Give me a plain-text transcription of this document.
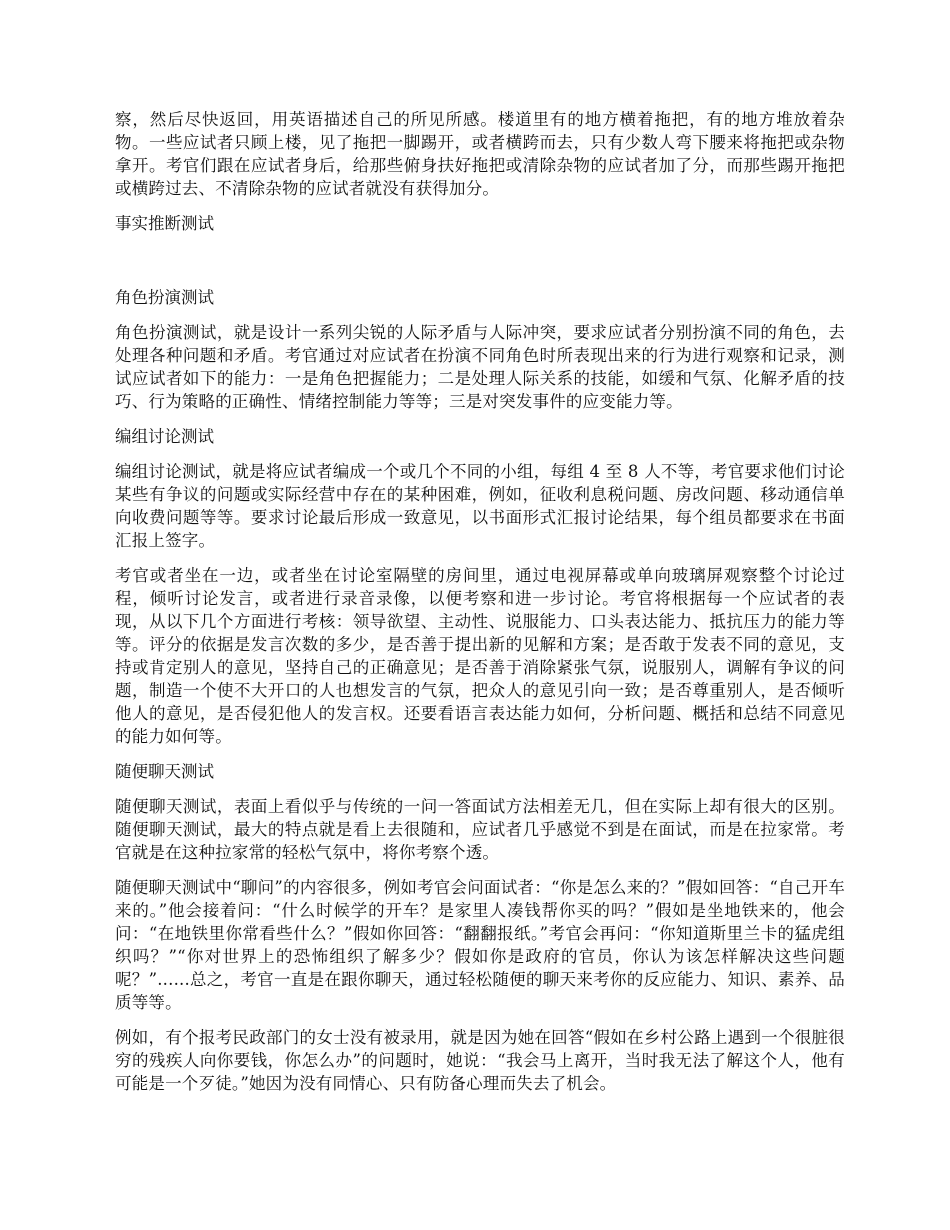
察，然后尽快返回，用英语描述自己的所见所感。楼道里有的地方横着拖把，有的地方堆放着杂物。一些应试者只顾上楼，见了拖把一脚踢开，或者横跨而去，只有少数人弯下腰来将拖把或杂物拿开。考官们跟在应试者身后，给那些俯身扶好拖把或清除杂物的应试者加了分，而那些踢开拖把或横跨过去、不清除杂物的应试者就没有获得加分。

事实推断测试

角色扮演测试

角色扮演测试，就是设计一系列尖锐的人际矛盾与人际冲突，要求应试者分别扮演不同的角色，去处理各种问题和矛盾。考官通过对应试者在扮演不同角色时所表现出来的行为进行观察和记录，测试应试者如下的能力：一是角色把握能力；二是处理人际关系的技能，如缓和气氛、化解矛盾的技巧、行为策略的正确性、情绪控制能力等等；三是对突发事件的应变能力等。

编组讨论测试

编组讨论测试，就是将应试者编成一个或几个不同的小组，每组 4 至 8 人不等，考官要求他们讨论某些有争议的问题或实际经营中存在的某种困难，例如，征收利息税问题、房改问题、移动通信单向收费问题等等。要求讨论最后形成一致意见，以书面形式汇报讨论结果，每个组员都要求在书面汇报上签字。

考官或者坐在一边，或者坐在讨论室隔壁的房间里，通过电视屏幕或单向玻璃屏观察整个讨论过程，倾听讨论发言，或者进行录音录像，以便考察和进一步讨论。考官将根据每一个应试者的表现，从以下几个方面进行考核：领导欲望、主动性、说服能力、口头表达能力、抵抗压力的能力等等。评分的依据是发言次数的多少，是否善于提出新的见解和方案；是否敢于发表不同的意见，支持或肯定别人的意见，坚持自己的正确意见；是否善于消除紧张气氛，说服别人，调解有争议的问题，制造一个使不大开口的人也想发言的气氛，把众人的意见引向一致；是否尊重别人，是否倾听他人的意见，是否侵犯他人的发言权。还要看语言表达能力如何，分析问题、概括和总结不同意见的能力如何等。

随便聊天测试

随便聊天测试，表面上看似乎与传统的一问一答面试方法相差无几，但在实际上却有很大的区别。随便聊天测试，最大的特点就是看上去很随和，应试者几乎感觉不到是在面试，而是在拉家常。考官就是在这种拉家常的轻松气氛中，将你考察个透。

随便聊天测试中“聊问”的内容很多，例如考官会问面试者：“你是怎么来的？”假如回答：“自己开车来的。”他会接着问：“什么时候学的开车？是家里人凑钱帮你买的吗？”假如是坐地铁来的，他会问：“在地铁里你常看些什么？”假如你回答：“翻翻报纸。”考官会再问：“你知道斯里兰卡的猛虎组织吗？”“你对世界上的恐怖组织了解多少？假如你是政府的官员，你认为该怎样解决这些问题呢？”......总之，考官一直是在跟你聊天，通过轻松随便的聊天来考你的反应能力、知识、素养、品质等等。

例如，有个报考民政部门的女士没有被录用，就是因为她在回答“假如在乡村公路上遇到一个很脏很穷的残疾人向你要钱，你怎么办”的问题时，她说：“我会马上离开，当时我无法了解这个人，他有可能是一个歹徒。”她因为没有同情心、只有防备心理而失去了机会。
